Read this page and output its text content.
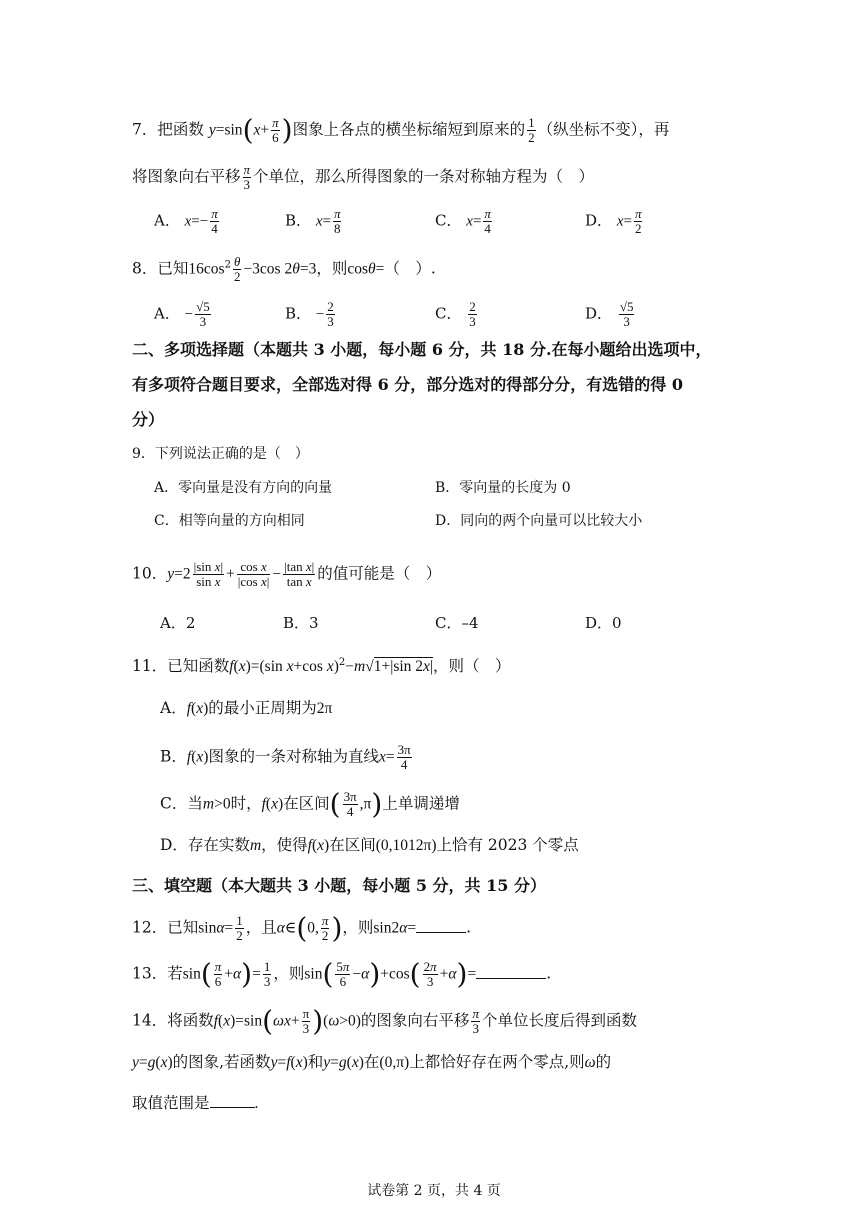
7．把函数 $y=\sin(x+ \frac{\pi}{6}$ )图象上各点的横坐标缩短到原来的 $\frac{1}{2}$ （纵坐标不变），再
将图象向右平移 $\frac{\pi}{3}$ 个单位，那么所得图象的一条对称轴方程为（　）
A． $x=- \frac{\pi}{4}$	B． $x= \frac{\pi}{8}$	C． $x= \frac{\pi}{4}$	D． $x= \frac{\pi}{2}$
8．已知$16\cos^2 \frac{\theta}{2} -3\cos$ 2θ=3，则cosθ=（　）.
A． − $\frac{√5}{3}$	B． − $\frac{2}{3}$	C． $\frac{2}{3}$	D． $\frac{√5}{3}$
二、多项选择题（本题共 3 小题，每小题 6 分，共 18 分.在每小题给出选项中，
有多项符合题目要求，全部选对得 6 分，部分选对的得部分分，有选错的得 0
分）
9．下列说法正确的是（　）
A．零向量是没有方向的向量	B．零向量的长度为 0
C．相等向量的方向相同	D．同向的两个向量可以比较大小
10．$y=2 \frac{\text{|sin x|}}{\text{sin x}} + \frac{\text{cos x}}{\text{|cos x|}} - \frac{\text{|tan x|}}{\text{tan x}}$ 的值可能是（　）
A．2	B．3	C．–4	D．0
11．已知函数f(x)=(sin x+cos x)$^2$−m√1+|sin 2x|，则（　）
A．f(x)的最小正周期为2π
B．f(x)图象的一条对称轴为直线$x= \frac{3\pi}{4}$
C．当m>0时，f(x)在区间( $\frac{3\pi}{4} ,\pi$)上单调递增
D．存在实数m，使得f(x)在区间(0,1012π)上恰有 2023 个零点
三、填空题（本大题共 3 小题，每小题 5 分，共 15 分）
12．已知$\sin\alpha= \frac{1}{2}$ ，且α∈(0, $\frac{\pi}{2}$ )，则sin2α=	.
13．若$\sin( \frac{\pi}{6} +\alpha)= \frac{1}{3}$ ，则$\sin( \frac{5\pi}{6} -\alpha)+\cos( \frac{2\pi}{3} +\alpha)=$	.
14．将函数$f(x)=\sin(\omega x+ \frac{\pi}{3} )(\omega>0)$的图象向右平移 $\frac{\pi}{3}$ 个单位长度后得到函数
y=g(x)的图象,若函数y=f(x)和y=g(x)在(0,π)上都恰好存在两个零点,则ω的
取值范围是	.
试卷第 2 页，共 4 页
